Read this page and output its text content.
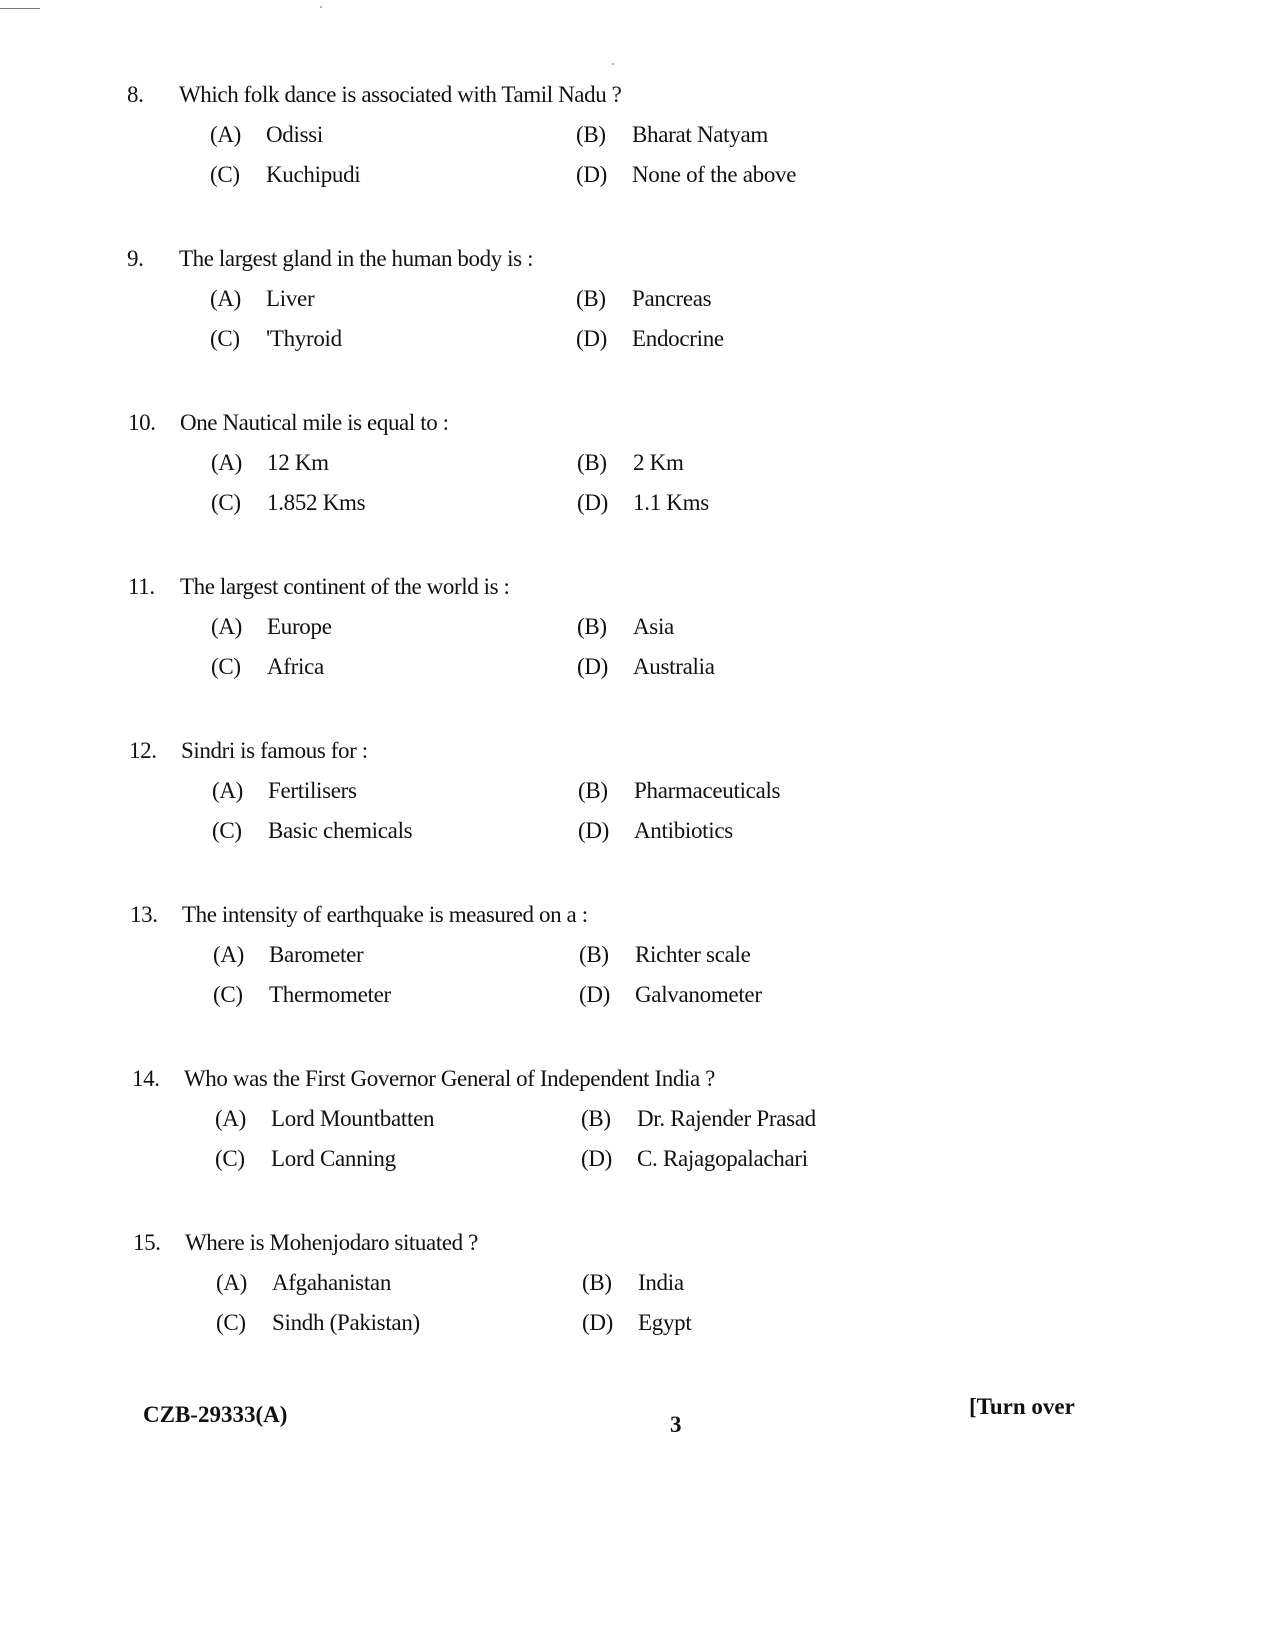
8.	Which folk dance is associated with Tamil Nadu ?
(A)	Odissi	(B)	Bharat Natyam
(C)	Kuchipudi	(D)	None of the above
9.	The largest gland in the human body is :
(A)	Liver	(B)	Pancreas
(C)	'Thyroid	(D)	Endocrine
10.	One Nautical mile is equal to :
(A)	12 Km	(B)	2 Km
(C)	1.852 Kms	(D)	1.1 Kms
11.	The largest continent of the world is :
(A)	Europe	(B)	Asia
(C)	Africa	(D)	Australia
12.	Sindri is famous for :
(A)	Fertilisers	(B)	Pharmaceuticals
(C)	Basic chemicals	(D)	Antibiotics
13.	The intensity of earthquake is measured on a :
(A)	Barometer	(B)	Richter scale
(C)	Thermometer	(D)	Galvanometer
14.	Who was the First Governor General of Independent India ?
(A)	Lord Mountbatten	(B)	Dr. Rajender Prasad
(C)	Lord Canning	(D)	C. Rajagopalachari
15.	Where is Mohenjodaro situated ?
(A)	Afgahanistan	(B)	India
(C)	Sindh (Pakistan)	(D)	Egypt
CZB-29333(A)	3
[Turn over
